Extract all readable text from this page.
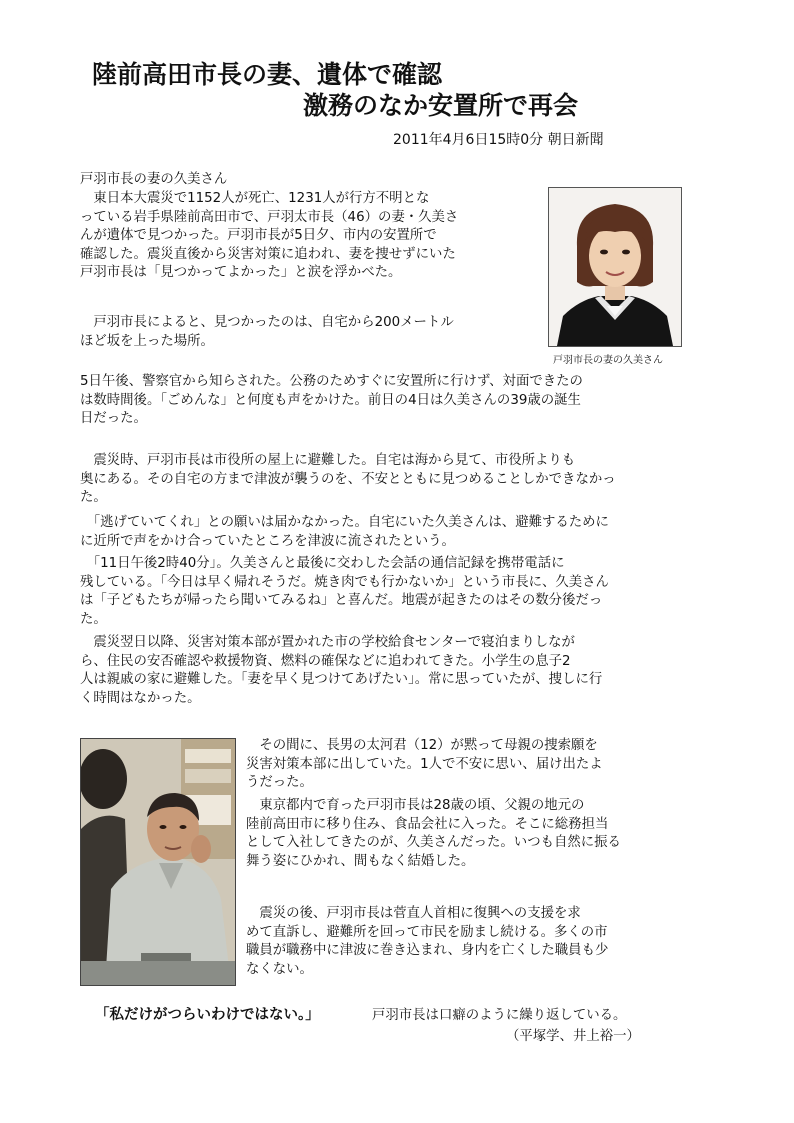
陸前高田市長の妻、遺体で確認
激務のなか安置所で再会
2011年4月6日15時0分 朝日新聞
戸羽市長の妻の久美さん
　東日本大震災で1152人が死亡、1231人が行方不明とな
っている岩手県陸前高田市で、戸羽太市長（46）の妻・久美さ
んが遺体で見つかった。戸羽市長が5日夕、市内の安置所で
確認した。震災直後から災害対策に追われ、妻を捜せずにいた
戸羽市長は「見つかってよかった」と涙を浮かべた。
　戸羽市長によると、見つかったのは、自宅から200メートル
ほど坂を上った場所。
5日午後、警察官から知らされた。公務のためすぐに安置所に行けず、対面できたの
は数時間後。「ごめんな」と何度も声をかけた。前日の4日は久美さんの39歳の誕生
日だった。
　震災時、戸羽市長は市役所の屋上に避難した。自宅は海から見て、市役所よりも
奥にある。その自宅の方まで津波が襲うのを、不安とともに見つめることしかできなかっ
た。
　「逃げていてくれ」との願いは届かなかった。自宅にいた久美さんは、避難するために
に近所で声をかけ合っていたところを津波に流されたという。
　「11日午後2時40分」。久美さんと最後に交わした会話の通信記録を携帯電話に
残している。「今日は早く帰れそうだ。焼き肉でも行かないか」という市長に、久美さん
は「子どもたちが帰ったら聞いてみるね」と喜んだ。地震が起きたのはその数分後だっ
た。
　震災翌日以降、災害対策本部が置かれた市の学校給食センターで寝泊まりしなが
ら、住民の安否確認や救援物資、燃料の確保などに追われてきた。小学生の息子2
人は親戚の家に避難した。「妻を早く見つけてあげたい」。常に思っていたが、捜しに行
く時間はなかった。
　その間に、長男の太河君（12）が黙って母親の捜索願を
災害対策本部に出していた。1人で不安に思い、届け出たよ
うだった。
　東京都内で育った戸羽市長は28歳の頃、父親の地元の
陸前高田市に移り住み、食品会社に入った。そこに総務担当
として入社してきたのが、久美さんだった。いつも自然に振る
舞う姿にひかれ、間もなく結婚した。
　震災の後、戸羽市長は菅直人首相に復興への支援を求
めて直訴し、避難所を回って市民を励まし続ける。多くの市
職員が職務中に津波に巻き込まれ、身内を亡くした職員も少
なくない。
戸羽市長の妻の久美さん
「私だけがつらいわけではない。」	戸羽市長は口癖のように繰り返している。
（平塚学、井上裕一）
